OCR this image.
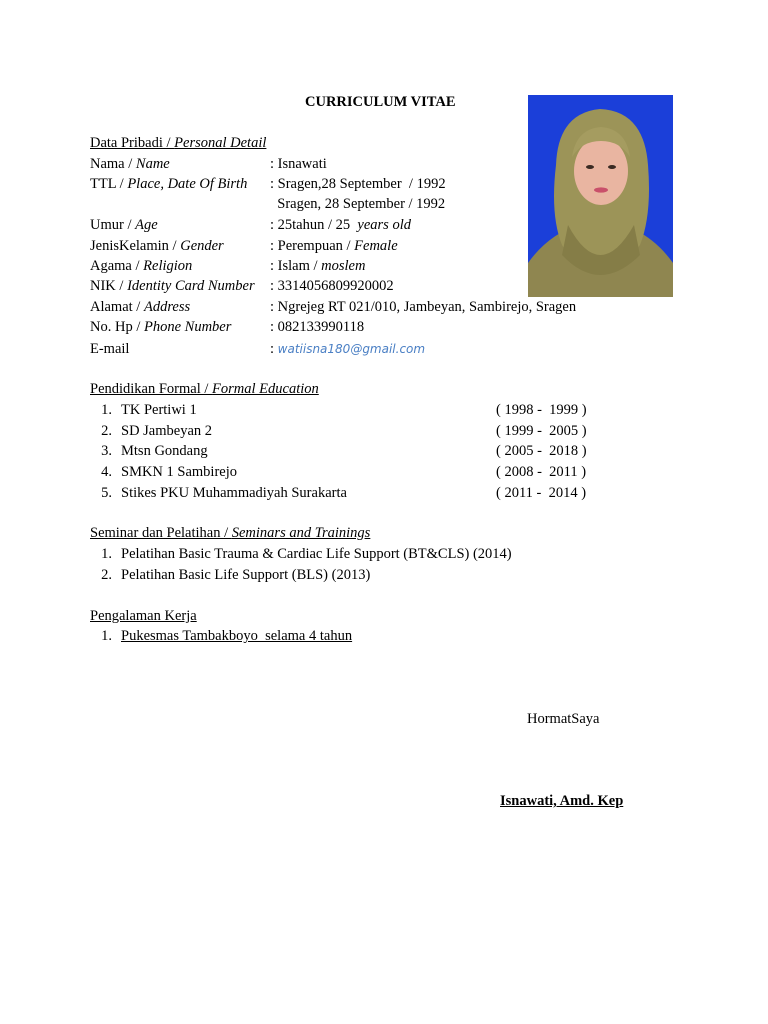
CURRICULUM VITAE
Data Pribadi / Personal Detail
Nama / Name	: Isnawati
TTL / Place, Date Of Birth : Sragen,28 September  / 1992
Sragen, 28 September / 1992
Umur / Age	: 25tahun / 25  years old
JenisKelamin / Gender	: Perempuan / Female
Agama / Religion	: Islam / moslem
NIK / Identity Card Number : 3314056809920002
Alamat / Address	: Ngrejeg RT 021/010, Jambeyan, Sambirejo, Sragen
No. Hp / Phone Number	: 082133990118
E-mail	: watiisna180@gmail.com
Pendidikan Formal / Formal Education
1. TK Pertiwi 1	( 1998 -  1999 )
2. SD Jambeyan 2	( 1999 -  2005 )
3. Mtsn Gondang	( 2005 -  2018 )
4. SMKN 1 Sambirejo	( 2008 -  2011 )
5. Stikes PKU Muhammadiyah Surakarta	( 2011 -  2014 )
Seminar dan Pelatihan / Seminars and Trainings
1. Pelatihan Basic Trauma & Cardiac Life Support (BT&CLS) (2014)
2. Pelatihan Basic Life Support (BLS) (2013)
Pengalaman Kerja
1. Pukesmas Tambakboyo  selama 4 tahun
HormatSaya
Isnawati, Amd. Kep
